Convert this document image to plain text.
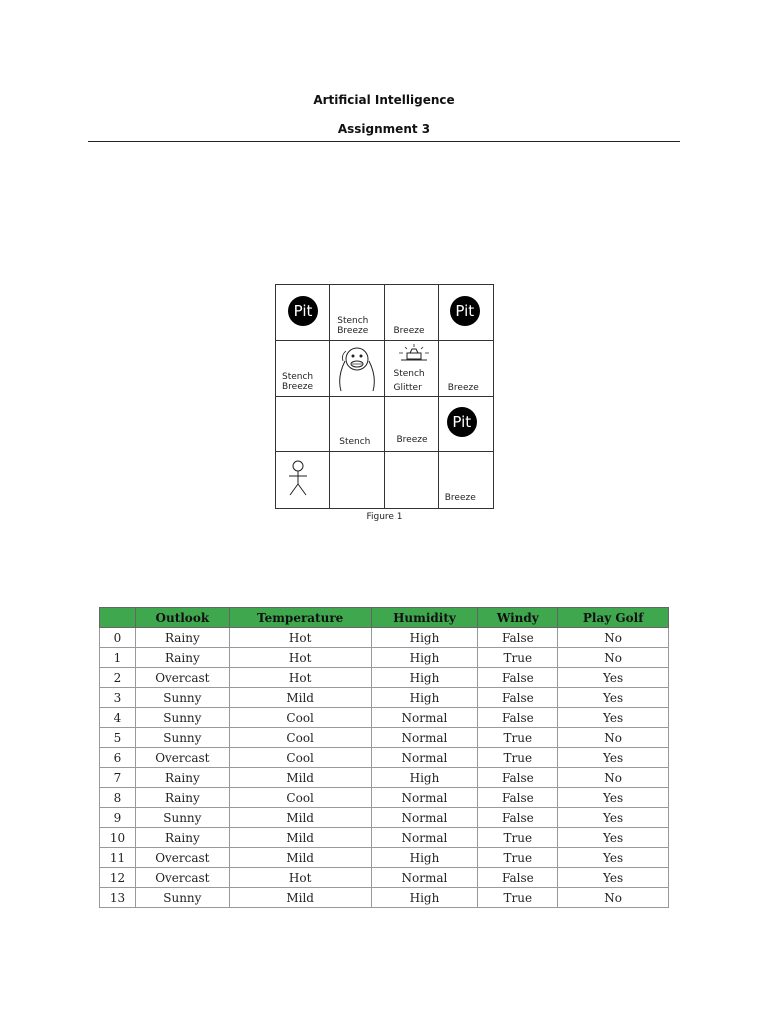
Artificial Intelligence
Assignment 3
Pit
Stench
Breeze	Breeze
Pit
Stench
Breeze
Stench
Glitter	Breeze
Stench	Breeze
Pit
Breeze
Figure 1
	Outlook	Temperature	Humidity	Windy	Play Golf
0	Rainy	Hot	High	False	No
1	Rainy	Hot	High	True	No
2	Overcast	Hot	High	False	Yes
3	Sunny	Mild	High	False	Yes
4	Sunny	Cool	Normal	False	Yes
5	Sunny	Cool	Normal	True	No
6	Overcast	Cool	Normal	True	Yes
7	Rainy	Mild	High	False	No
8	Rainy	Cool	Normal	False	Yes
9	Sunny	Mild	Normal	False	Yes
10	Rainy	Mild	Normal	True	Yes
11	Overcast	Mild	High	True	Yes
12	Overcast	Hot	Normal	False	Yes
13	Sunny	Mild	High	True	No
